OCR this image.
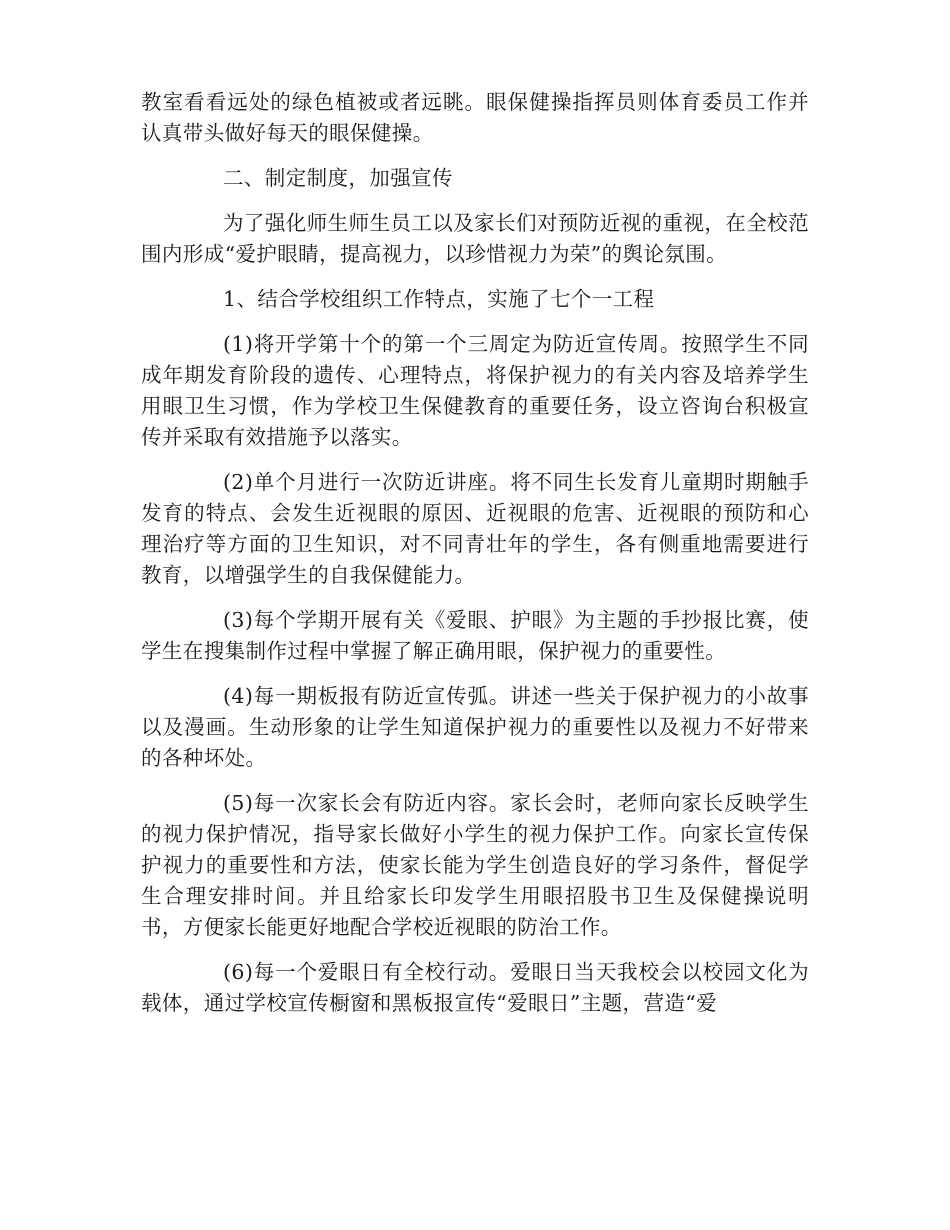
教室看看远处的绿色植被或者远眺。眼保健操指挥员则体育委员工作并认真带头做好每天的眼保健操。

二、制定制度，加强宣传

为了强化师生师生员工以及家长们对预防近视的重视，在全校范围内形成“爱护眼睛，提高视力，以珍惜视力为荣”的舆论氛围。

1、结合学校组织工作特点，实施了七个一工程

(1)将开学第十个的第一个三周定为防近宣传周。按照学生不同成年期发育阶段的遗传、心理特点，将保护视力的有关内容及培养学生用眼卫生习惯，作为学校卫生保健教育的重要任务，设立咨询台积极宣传并采取有效措施予以落实。

(2)单个月进行一次防近讲座。将不同生长发育儿童期时期触手发育的特点、会发生近视眼的原因、近视眼的危害、近视眼的预防和心理治疗等方面的卫生知识，对不同青壮年的学生，各有侧重地需要进行教育，以增强学生的自我保健能力。

(3)每个学期开展有关《爱眼、护眼》为主题的手抄报比赛，使学生在搜集制作过程中掌握了解正确用眼，保护视力的重要性。

(4)每一期板报有防近宣传弧。讲述一些关于保护视力的小故事以及漫画。生动形象的让学生知道保护视力的重要性以及视力不好带来的各种坏处。

(5)每一次家长会有防近内容。家长会时，老师向家长反映学生的视力保护情况，指导家长做好小学生的视力保护工作。向家长宣传保护视力的重要性和方法，使家长能为学生创造良好的学习条件，督促学生合理安排时间。并且给家长印发学生用眼招股书卫生及保健操说明书，方便家长能更好地配合学校近视眼的防治工作。

(6)每一个爱眼日有全校行动。爱眼日当天我校会以校园文化为载体，通过学校宣传橱窗和黑板报宣传“爱眼日”主题，营造“爱
